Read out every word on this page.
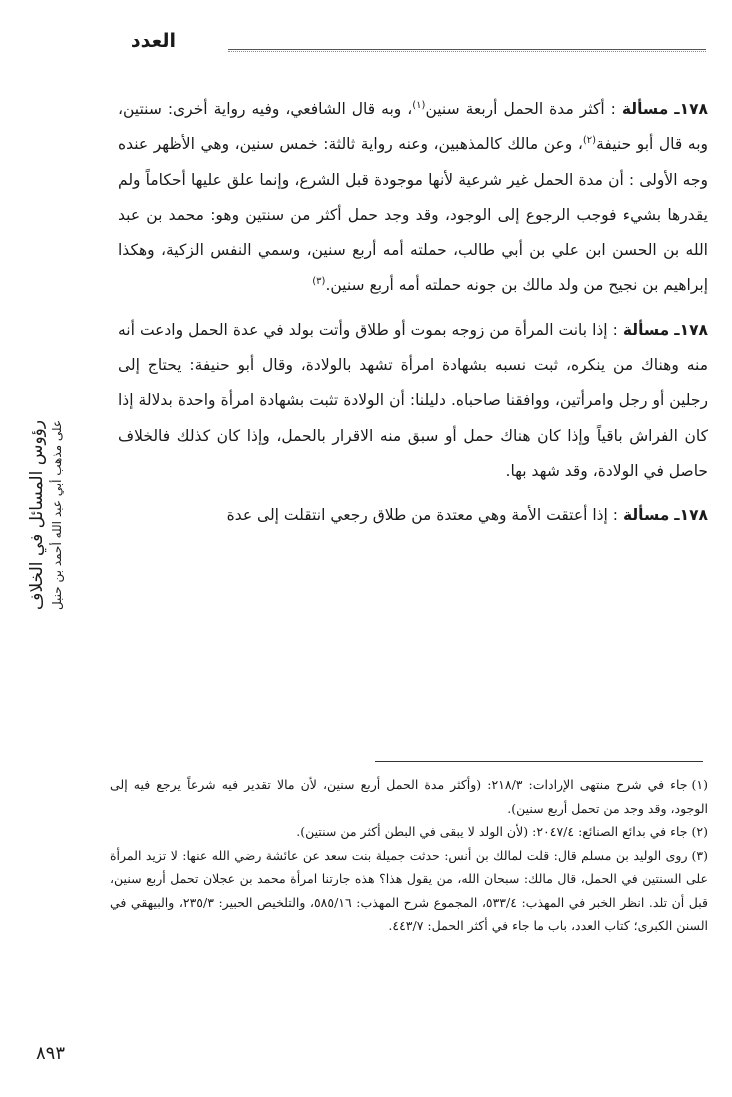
العدد
رؤوس المسائل في الخلاف على مذهب أبي عبد الله أحمد بن حنبل

١٧٨ـ مسألة : أكثر مدة الحمل أربعة سنين$^{(١)}$، وبه قال الشافعي، وفيه رواية أخرى: سنتين، وبه قال أبو حنيفة$^{(٢)}$، وعن مالك كالمذهبين، وعنه رواية ثالثة: خمس سنين، وهي الأظهر عنده وجه الأولى : أن مدة الحمل غير شرعية لأنها موجودة قبل الشرع، وإنما علق عليها أحكاماً ولم يقدرها بشيء فوجب الرجوع إلى الوجود، وقد وجد حمل أكثر من سنتين وهو: محمد بن عبد الله بن الحسن ابن علي بن أبي طالب، حملته أمه أربع سنين، وسمي النفس الزكية، وهكذا إبراهيم بن نجيح من ولد مالك بن جونه حملته أمه أربع سنين.$^{(٣)}$

١٧٨ـ مسألة : إذا بانت المرأة من زوجه بموت أو طلاق وأتت بولد في عدة الحمل وادعت أنه منه وهناك من ينكره، ثبت نسبه بشهادة امرأة تشهد بالولادة، وقال أبو حنيفة: يحتاج إلى رجلين أو رجل وامرأتين، ووافقنا صاحباه. دليلنا: أن الولادة تثبت بشهادة امرأة واحدة بدلالة إذا كان الفراش باقياً وإذا كان هناك حمل أو سبق منه الاقرار بالحمل، وإذا كان كذلك فالخلاف حاصل في الولادة، وقد شهد بها.

١٧٨ـ مسألة : إذا أعتقت الأمة وهي معتدة من طلاق رجعي انتقلت إلى عدة

(١)جاء في شرح منتهى الإرادات: ٢١٨/٣: (وأكثر مدة الحمل أربع سنين، لأن مالا تقدير فيه شرعاً يرجع فيه إلى الوجود، وقد وجد من تحمل أربع سنين).

(٢)جاء في بدائع الصنائع: ٢٠٤٧/٤: (لأن الولد لا يبقى في البطن أكثر من سنتين).

(٣)روى الوليد بن مسلم قال: قلت لمالك بن أنس: حدثت جميلة بنت سعد عن عائشة رضي الله عنها: لا تزيد المرأة على السنتين في الحمل، قال مالك: سبحان الله، من يقول هذا؟ هذه جارتنا امرأة محمد بن عجلان تحمل أربع سنين، قبل أن تلد. انظر الخبر في المهذب: ٥٣٣/٤، المجموع شرح المهذب: ٥٨٥/١٦، والتلخيص الحبير: ٢٣٥/٣، والبيهقي في السنن الكبرى؛ كتاب العدد، باب ما جاء في أكثر الحمل: ٤٤٣/٧.

٨٩٣
